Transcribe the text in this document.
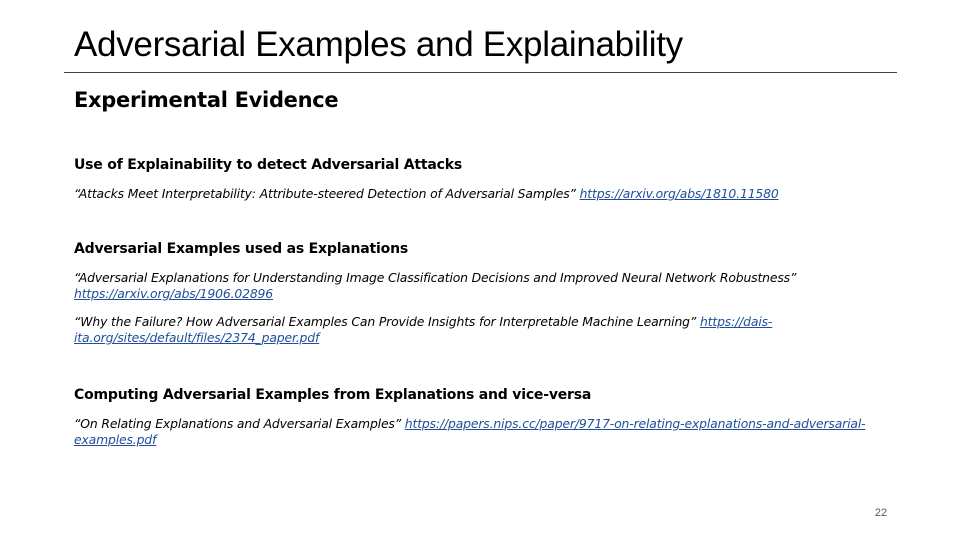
Adversarial Examples and Explainability
Experimental Evidence

Use of Explainability to detect Adversarial Attacks

“Attacks Meet Interpretability: Attribute-steered Detection of Adversarial Samples” https://arxiv.org/abs/1810.11580

Adversarial Examples used as Explanations

“Adversarial Explanations for Understanding Image Classification Decisions and Improved Neural Network Robustness” https://arxiv.org/abs/1906.02896

“Why the Failure? How Adversarial Examples Can Provide Insights for Interpretable Machine Learning” https://dais-ita.org/sites/default/files/2374_paper.pdf

Computing Adversarial Examples from Explanations and vice-versa

“On Relating Explanations and Adversarial Examples” https://papers.nips.cc/paper/9717-on-relating-explanations-and-adversarial-examples.pdf

22
